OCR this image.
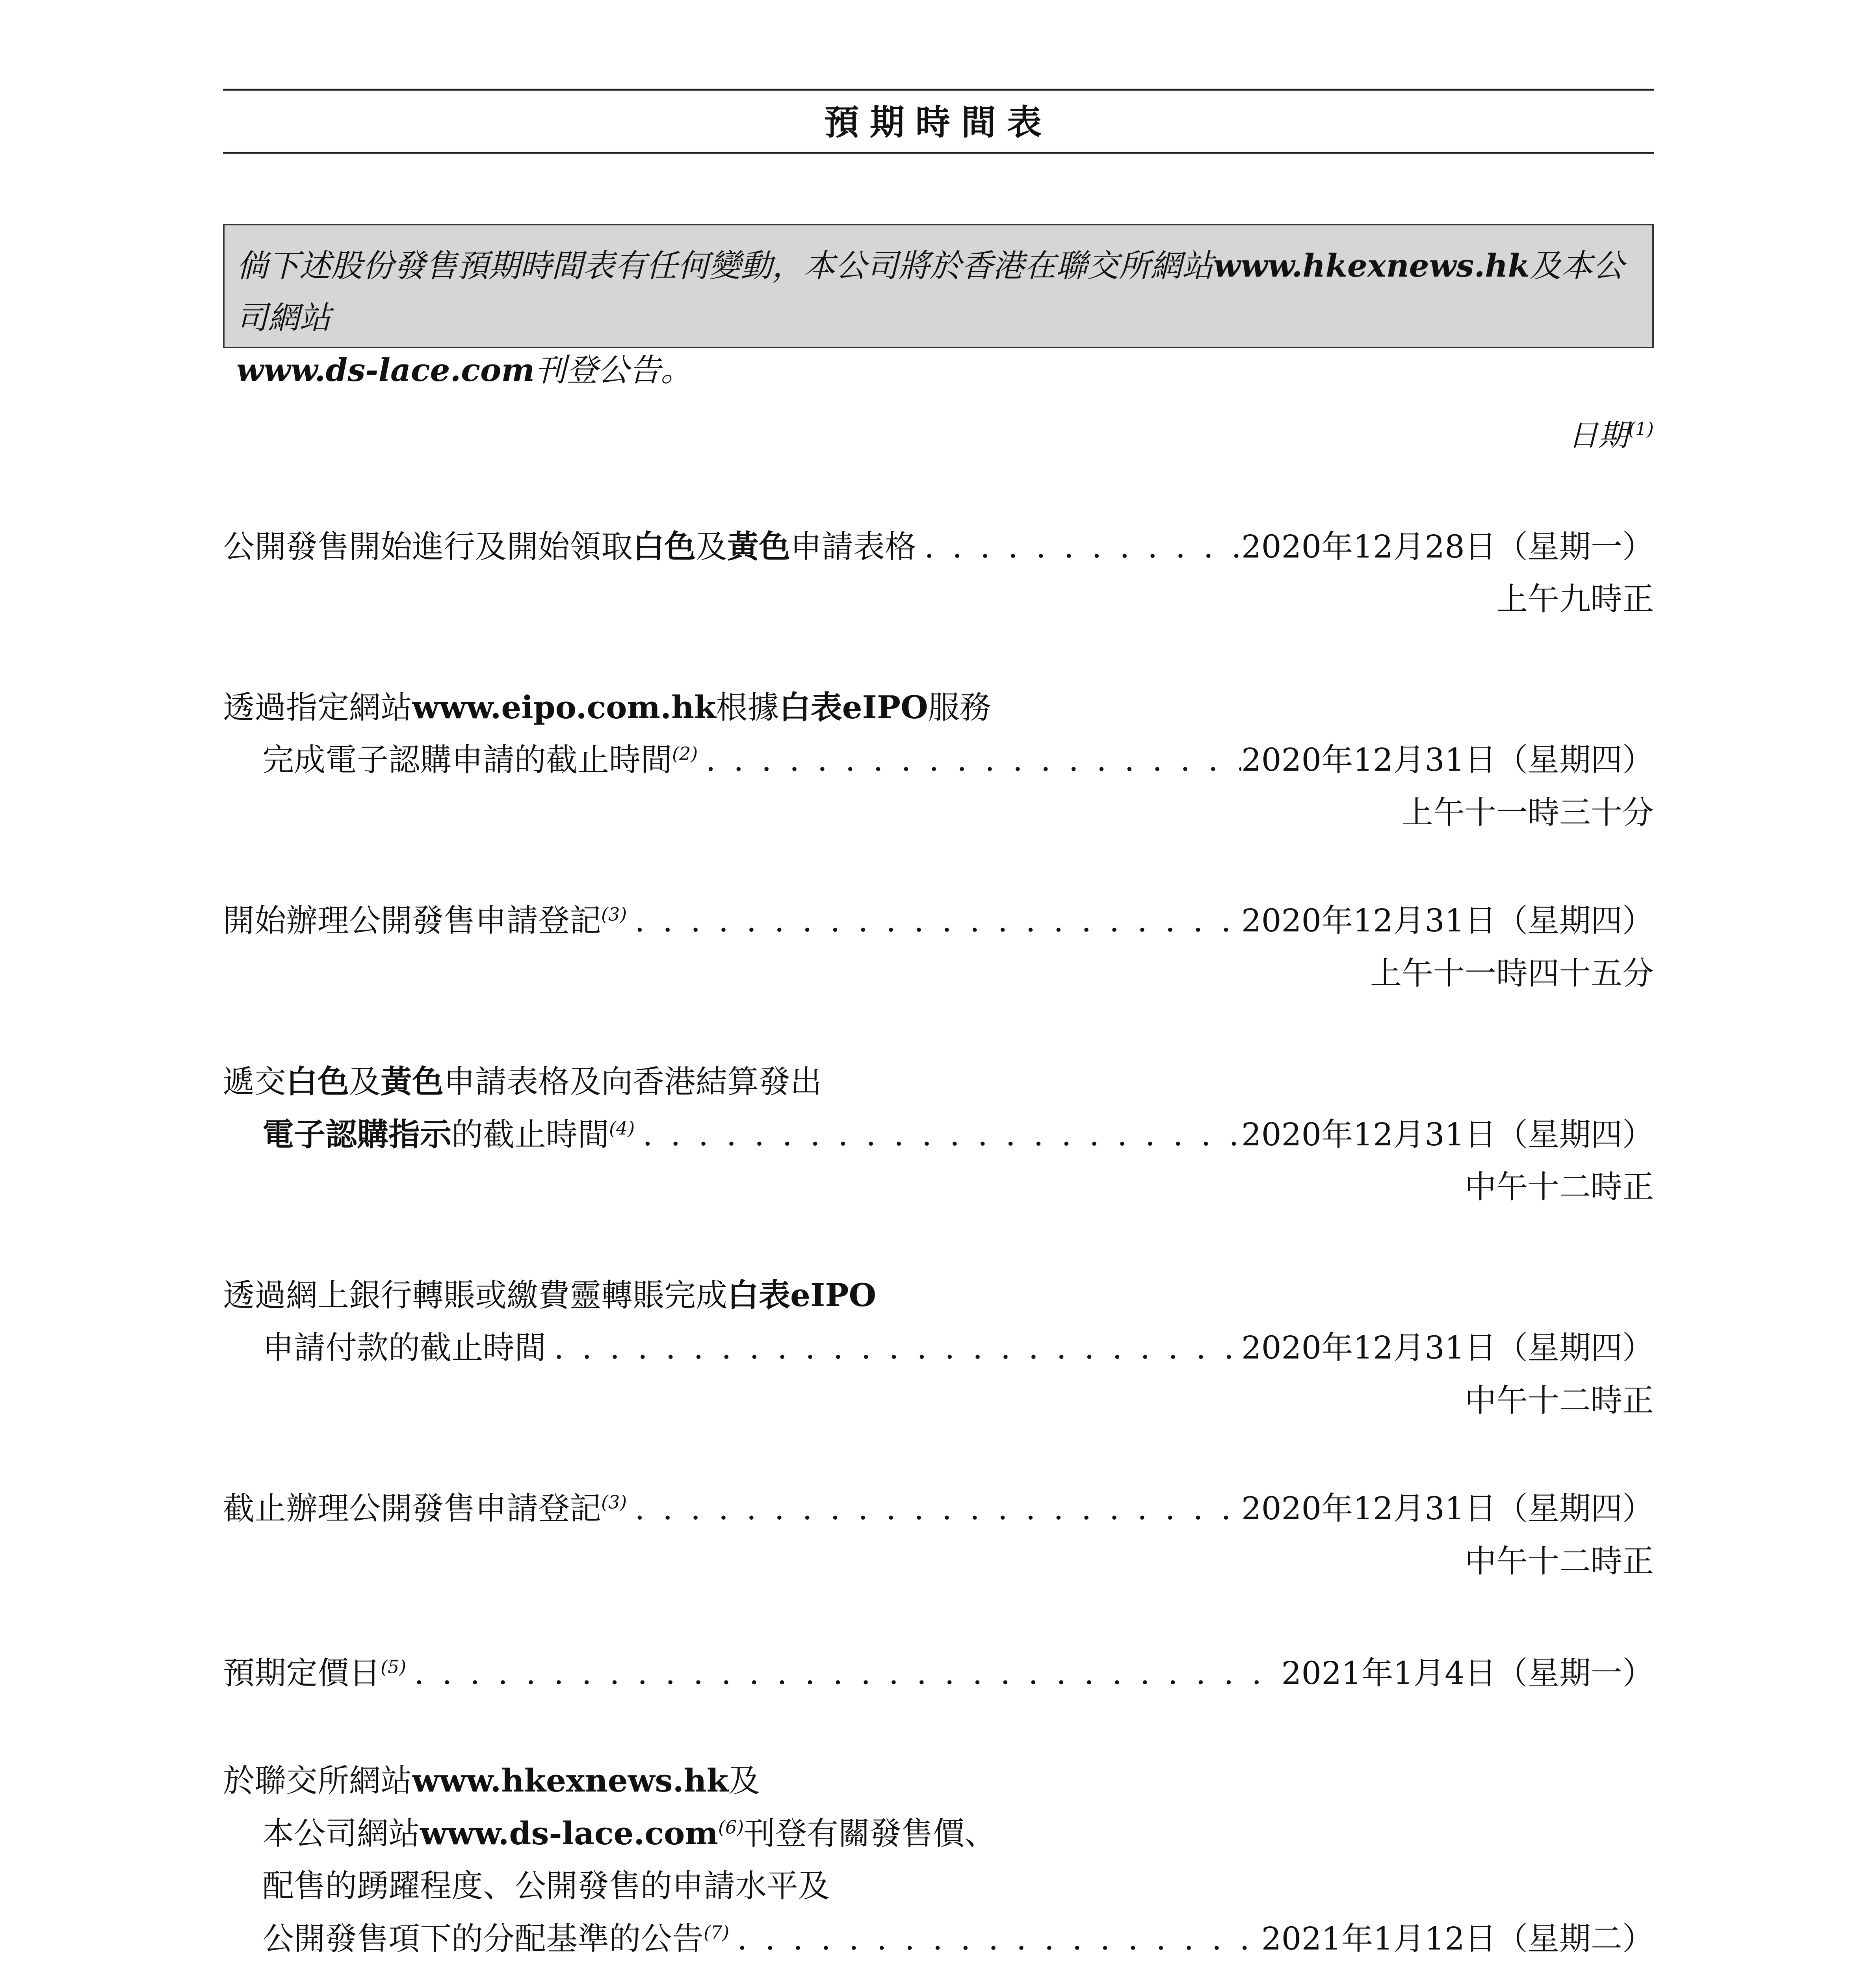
預期時間表
倘下述股份發售預期時間表有任何變動，本公司將於香港在聯交所網站www.hkexnews.hk及本公司網站
www.ds-lace.com刊登公告。
日期$^{(1)}$
公開發售開始進行及開始領取白色及黃色申請表格 . . .	2020年12月28日（星期一）
上午九時正
透過指定網站www.eipo.com.hk根據白表eIPO服務
完成電子認購申請的截止時間$^{(2)}$ . . .	2020年12月31日（星期四）
上午十一時三十分
開始辦理公開發售申請登記$^{(3)}$ . . .	2020年12月31日（星期四）
上午十一時四十五分
遞交白色及黃色申請表格及向香港結算發出
電子認購指示的截止時間$^{(4)}$ . . .	2020年12月31日（星期四）
中午十二時正
透過網上銀行轉賬或繳費靈轉賬完成白表eIPO
申請付款的截止時間 . . .	2020年12月31日（星期四）
中午十二時正
截止辦理公開發售申請登記$^{(3)}$ . . .	2020年12月31日（星期四）
中午十二時正
預期定價日$^{(5)}$ . . .	2021年1月4日（星期一）
於聯交所網站www.hkexnews.hk及
本公司網站www.ds-lace.com$^{(6)}$刊登有關發售價、
配售的踴躍程度、公開發售的申請水平及
公開發售項下的分配基準的公告$^{(7)}$ . . .	2021年1月12日（星期二）
